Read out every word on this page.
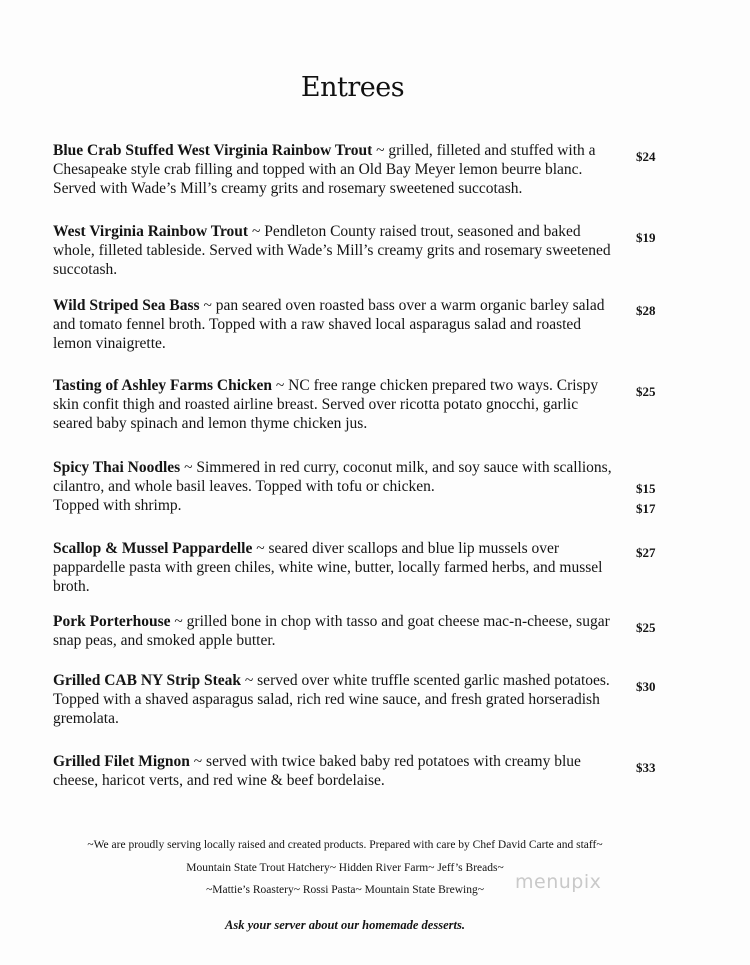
Entrees
Blue Crab Stuffed West Virginia Rainbow Trout ~ grilled, filleted and stuffed with a Chesapeake style crab filling and topped with an Old Bay Meyer lemon beurre blanc. Served with Wade’s Mill’s creamy grits and rosemary sweetened succotash.
$24
West Virginia Rainbow Trout ~ Pendleton County raised trout, seasoned and baked whole, filleted tableside. Served with Wade’s Mill’s creamy grits and rosemary sweetened succotash.
$19
Wild Striped Sea Bass ~ pan seared oven roasted bass over a warm organic barley salad and tomato fennel broth. Topped with a raw shaved local asparagus salad and roasted lemon vinaigrette.
$28
Tasting of Ashley Farms Chicken ~ NC free range chicken prepared two ways. Crispy skin confit thigh and roasted airline breast. Served over ricotta potato gnocchi, garlic seared baby spinach and lemon thyme chicken jus.
$25
Spicy Thai Noodles ~ Simmered in red curry, coconut milk, and soy sauce with scallions, cilantro, and whole basil leaves. Topped with tofu or chicken.
Topped with shrimp.
$15
$17
Scallop & Mussel Pappardelle ~ seared diver scallops and blue lip mussels over pappardelle pasta with green chiles, white wine, butter, locally farmed herbs, and mussel broth.
$27
Pork Porterhouse ~ grilled bone in chop with tasso and goat cheese mac-n-cheese, sugar snap peas, and smoked apple butter.
$25
Grilled CAB NY Strip Steak ~ served over white truffle scented garlic mashed potatoes. Topped with a shaved asparagus salad, rich red wine sauce, and fresh grated horseradish gremolata.
$30
Grilled Filet Mignon ~ served with twice baked baby red potatoes with creamy blue cheese, haricot verts, and red wine & beef bordelaise.
$33
~We are proudly serving locally raised and created products. Prepared with care by Chef David Carte and staff~
Mountain State Trout Hatchery~ Hidden River Farm~ Jeff’s Breads~
~Mattie’s Roastery~ Rossi Pasta~ Mountain State Brewing~
Ask your server about our homemade desserts.
menupix
